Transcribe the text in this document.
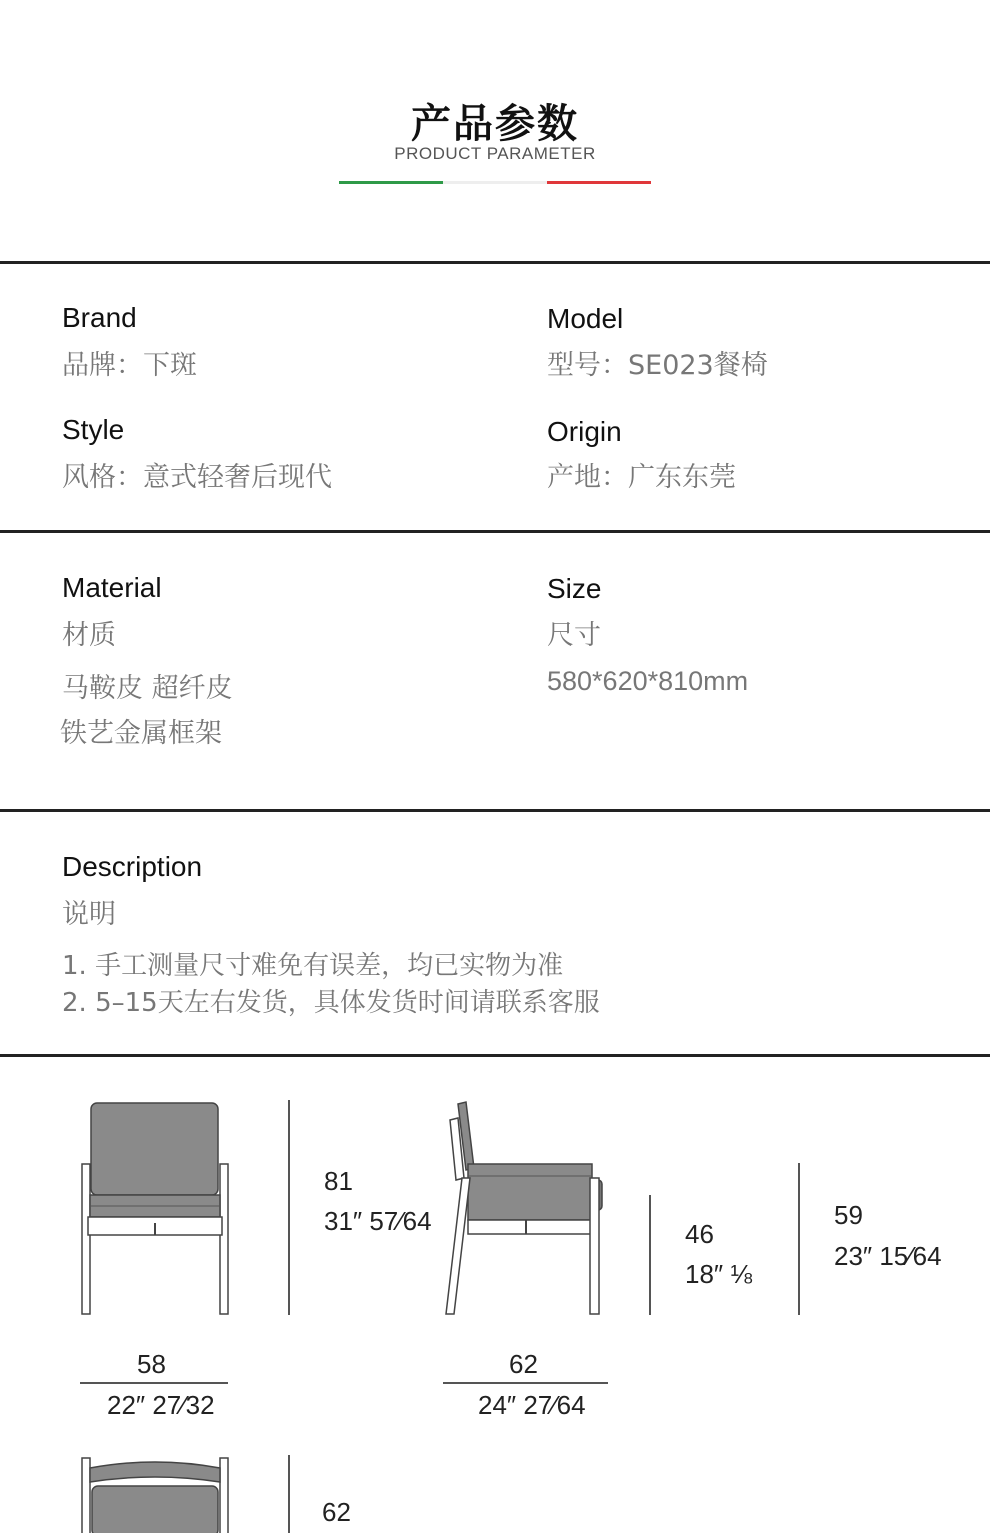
产品参数
PRODUCT PARAMETER
Brand
品牌：下斑
Model
型号：SE023餐椅
Style
风格：意式轻奢后现代
Origin
产地：广东东莞
Material
材质
马鞍皮 超纤皮
铁艺金属框架
Size
尺寸
580*620*810mm
Description
说明
1. 手工测量尺寸难免有误差，均已实物为准
2. 5–15天左右发货，具体发货时间请联系客服
81
31″ 57⁄64
58
22″ 27⁄32
46
18″ ⅛
59
23″ 15⁄64
62
24″ 27⁄64
62
